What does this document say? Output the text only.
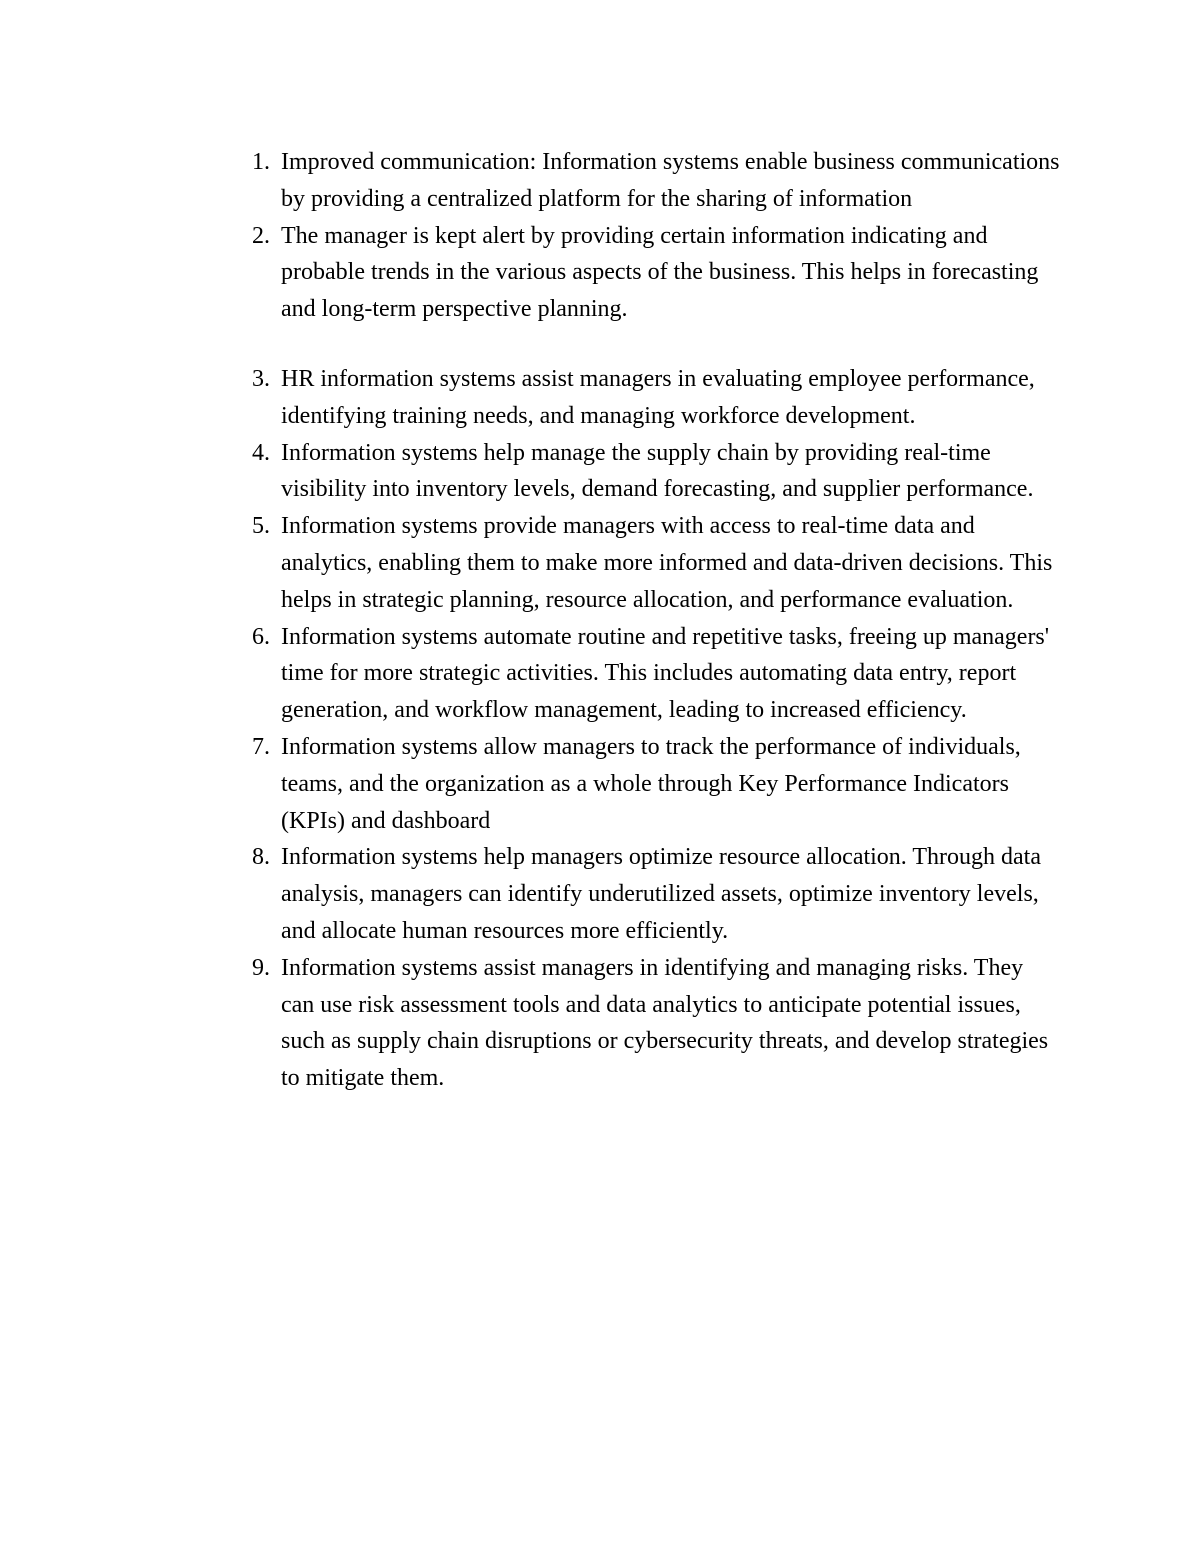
1. Improved communication: Information systems enable business communications by providing a centralized platform for the sharing of information
2. The manager is kept alert by providing certain information indicating and probable trends in the various aspects of the business. This helps in forecasting and long-term perspective planning.
3. HR information systems assist managers in evaluating employee performance, identifying training needs, and managing workforce development.
4. Information systems help manage the supply chain by providing real-time visibility into inventory levels, demand forecasting, and supplier performance.
5. Information systems provide managers with access to real-time data and analytics, enabling them to make more informed and data-driven decisions. This helps in strategic planning, resource allocation, and performance evaluation.
6. Information systems automate routine and repetitive tasks, freeing up managers' time for more strategic activities. This includes automating data entry, report generation, and workflow management, leading to increased efficiency.
7. Information systems allow managers to track the performance of individuals, teams, and the organization as a whole through Key Performance Indicators (KPIs) and dashboard
8. Information systems help managers optimize resource allocation. Through data analysis, managers can identify underutilized assets, optimize inventory levels, and allocate human resources more efficiently.
9. Information systems assist managers in identifying and managing risks. They can use risk assessment tools and data analytics to anticipate potential issues, such as supply chain disruptions or cybersecurity threats, and develop strategies to mitigate them.
